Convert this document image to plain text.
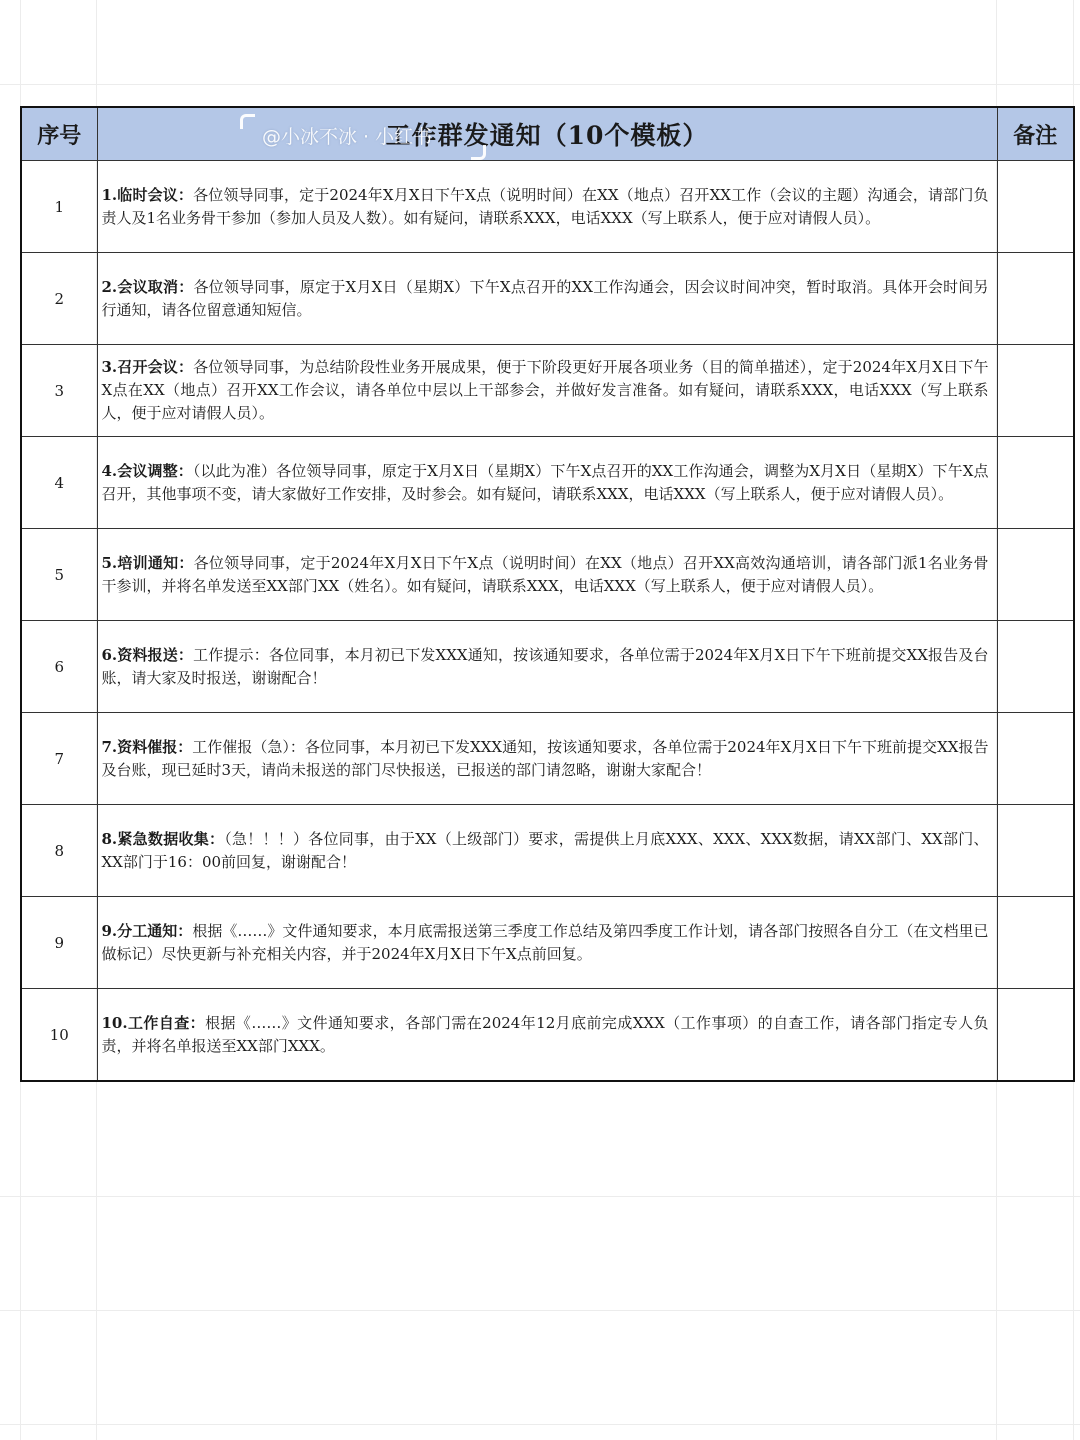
序号	工作群发通知（10个模板）	备注
1	1.临时会议：各位领导同事，定于2024年X月X日下午X点（说明时间）在XX（地点）召开XX工作（会议的主题）沟通会，请部门负责人及1名业务骨干参加（参加人员及人数）。如有疑问，请联系XXX，电话XXX（写上联系人，便于应对请假人员）。	
2	2.会议取消：各位领导同事，原定于X月X日（星期X）下午X点召开的XX工作沟通会，因会议时间冲突，暂时取消。具体开会时间另行通知，请各位留意通知短信。	
3	3.召开会议：各位领导同事，为总结阶段性业务开展成果，便于下阶段更好开展各项业务（目的简单描述），定于2024年X月X日下午X点在XX（地点）召开XX工作会议，请各单位中层以上干部参会，并做好发言准备。如有疑问，请联系XXX，电话XXX（写上联系人，便于应对请假人员）。	
4	4.会议调整：（以此为准）各位领导同事，原定于X月X日（星期X）下午X点召开的XX工作沟通会，调整为X月X日（星期X）下午X点召开，其他事项不变，请大家做好工作安排，及时参会。如有疑问，请联系XXX，电话XXX（写上联系人，便于应对请假人员）。	
5	5.培训通知：各位领导同事，定于2024年X月X日下午X点（说明时间）在XX（地点）召开XX高效沟通培训，请各部门派1名业务骨干参训，并将名单发送至XX部门XX（姓名）。如有疑问，请联系XXX，电话XXX（写上联系人，便于应对请假人员）。	
6	6.资料报送：工作提示：各位同事，本月初已下发XXX通知，按该通知要求，各单位需于2024年X月X日下午下班前提交XX报告及台账，请大家及时报送，谢谢配合！	
7	7.资料催报：工作催报（急）：各位同事，本月初已下发XXX通知，按该通知要求，各单位需于2024年X月X日下午下班前提交XX报告及台账，现已延时3天，请尚未报送的部门尽快报送，已报送的部门请忽略，谢谢大家配合！	
8	8.紧急数据收集：（急！！！）各位同事，由于XX（上级部门）要求，需提供上月底XXX、XXX、XXX数据，请XX部门、XX部门、XX部门于16：00前回复，谢谢配合！	
9	9.分工通知：根据《……》文件通知要求，本月底需报送第三季度工作总结及第四季度工作计划，请各部门按照各自分工（在文档里已做标记）尽快更新与补充相关内容，并于2024年X月X日下午X点前回复。	
10	10.工作自查：根据《……》文件通知要求，各部门需在2024年12月底前完成XXX（工作事项）的自查工作，请各部门指定专人负责，并将名单报送至XX部门XXX。	
@小冰不冰 · 小红书
